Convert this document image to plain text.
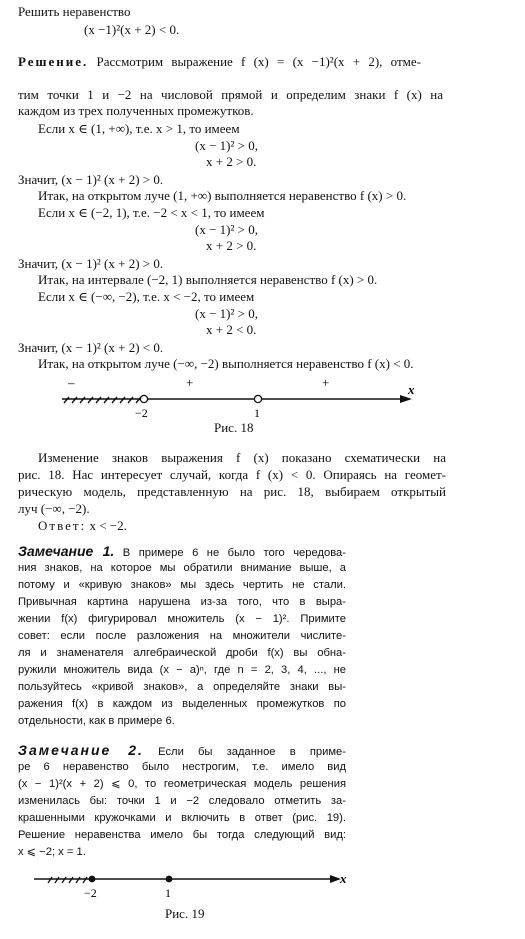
Решить неравенство
(x −1)²(x + 2) < 0.
Решение. Рассмотрим выражение f (x) = (x −1)²(x + 2), отме-
тим точки 1 и −2 на числовой прямой и определим знаки f (x) на
каждом из трех полученных промежутков.
Если x ∈ (1, +∞), т.е. x > 1, то имеем
(x − 1)² > 0,
x + 2 > 0.
Значит, (x − 1)² (x + 2) > 0.
Итак, на открытом луче (1, +∞) выполняется неравенство f (x) > 0.
Если x ∈ (−2, 1), т.е. −2 < x < 1, то имеем
(x − 1)² > 0,
x + 2 > 0.
Значит, (x − 1)² (x + 2) > 0.
Итак, на интервале (−2, 1) выполняется неравенство f (x) > 0.
Если x ∈ (−∞, −2), т.е. x < −2, то имеем
(x − 1)² > 0,
x + 2 < 0.
Значит, (x − 1)² (x + 2) < 0.
Итак, на открытом луче (−∞, −2) выполняется неравенство f (x) < 0.
–	+	+
−2	1
x
Рис. 18
Изменение знаков выражения f (x) показано схематически на
рис. 18. Нас интересует случай, когда f (x) < 0. Опираясь на геомет-
рическую модель, представленную на рис. 18, выбираем открытый
луч (−∞, −2).
Ответ: x < −2.
Замечание 1. В примере 6 не было того чередова-
ния знаков, на которое мы обратили внимание выше, а
потому и «кривую знаков» мы здесь чертить не стали.
Привычная картина нарушена из-за того, что в выра-
жении f(x) фигурировал множитель (x − 1)². Примите
совет: если после разложения на множители числите-
ля и знаменателя алгебраической дроби f(x) вы обна-
ружили множитель вида (x − a)ⁿ, где n = 2, 3, 4, ..., не
пользуйтесь «кривой знаков», а определяйте знаки вы-
ражения f(x) в каждом из выделенных промежутков по
отдельности, как в примере 6.
Замечание 2. Если бы заданное в приме-
ре 6 неравенство было нестрогим, т.е. имело вид
(x − 1)²(x + 2) ⩽ 0, то геометрическая модель решения
изменилась бы: точки 1 и −2 следовало отметить за-
крашенными кружочками и включить в ответ (рис. 19).
Решение неравенства имело бы тогда следующий вид:
x ⩽ −2; x = 1.
−2	1
x
Рис. 19
